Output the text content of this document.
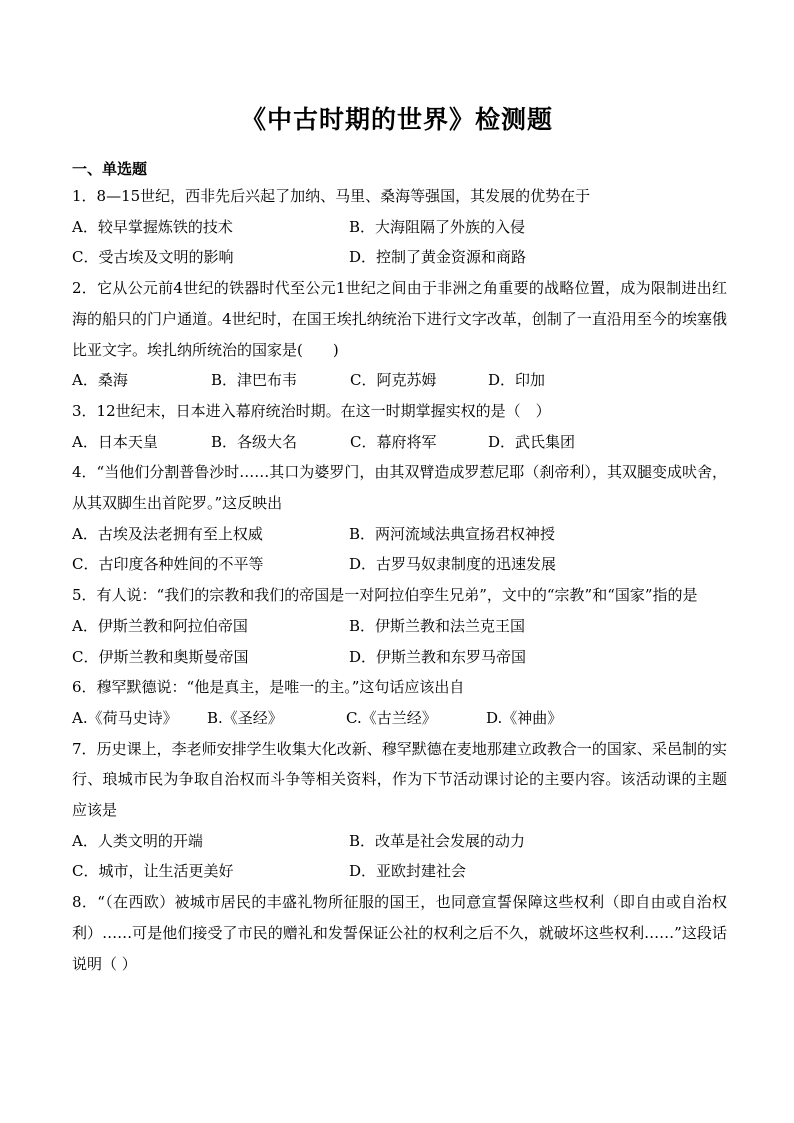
《中古时期的世界》检测题
一、单选题

1．8—15世纪，西非先后兴起了加纳、马里、桑海等强国，其发展的优势在于

A．较早掌握炼铁的技术	B．大海阻隔了外族的入侵
C．受古埃及文明的影响	D．控制了黄金资源和商路

2．它从公元前4世纪的铁器时代至公元1世纪之间由于非洲之角重要的战略位置，成为限制进出红海的船只的门户通道。4世纪时，在国王埃扎纳统治下进行文字改革，创制了一直沿用至今的埃塞俄比亚文字。埃扎纳所统治的国家是(　　)

A．桑海	B．津巴布韦	C．阿克苏姆	D．印加

3．12世纪末，日本进入幕府统治时期。在这一时期掌握实权的是（　）

A．日本天皇	B．各级大名	C．幕府将军	D．武氏集团

4．“当他们分割普鲁沙时……其口为婆罗门，由其双臂造成罗惹尼耶（刹帝利），其双腿变成吠舍，从其双脚生出首陀罗。”这反映出

A．古埃及法老拥有至上权威	B．两河流域法典宣扬君权神授
C．古印度各种姓间的不平等	D．古罗马奴隶制度的迅速发展

5．有人说：“我们的宗教和我们的帝国是一对阿拉伯孪生兄弟”，文中的“宗教”和“国家”指的是

A．伊斯兰教和阿拉伯帝国	B．伊斯兰教和法兰克王国
C．伊斯兰教和奥斯曼帝国	D．伊斯兰教和东罗马帝国

6．穆罕默德说：“他是真主，是唯一的主。”这句话应该出自

A.《荷马史诗》	B.《圣经》	C.《古兰经》	D.《神曲》

7．历史课上，李老师安排学生收集大化改新、穆罕默德在麦地那建立政教合一的国家、采邑制的实行、琅城市民为争取自治权而斗争等相关资料，作为下节活动课讨论的主要内容。该活动课的主题应该是

A．人类文明的开端	B．改革是社会发展的动力
C．城市，让生活更美好	D．亚欧封建社会

8．“（在西欧）被城市居民的丰盛礼物所征服的国王，也同意宣誓保障这些权利（即自由或自治权利）……可是他们接受了市民的赠礼和发誓保证公社的权利之后不久，就破坏这些权利……”这段话说明（ ）
